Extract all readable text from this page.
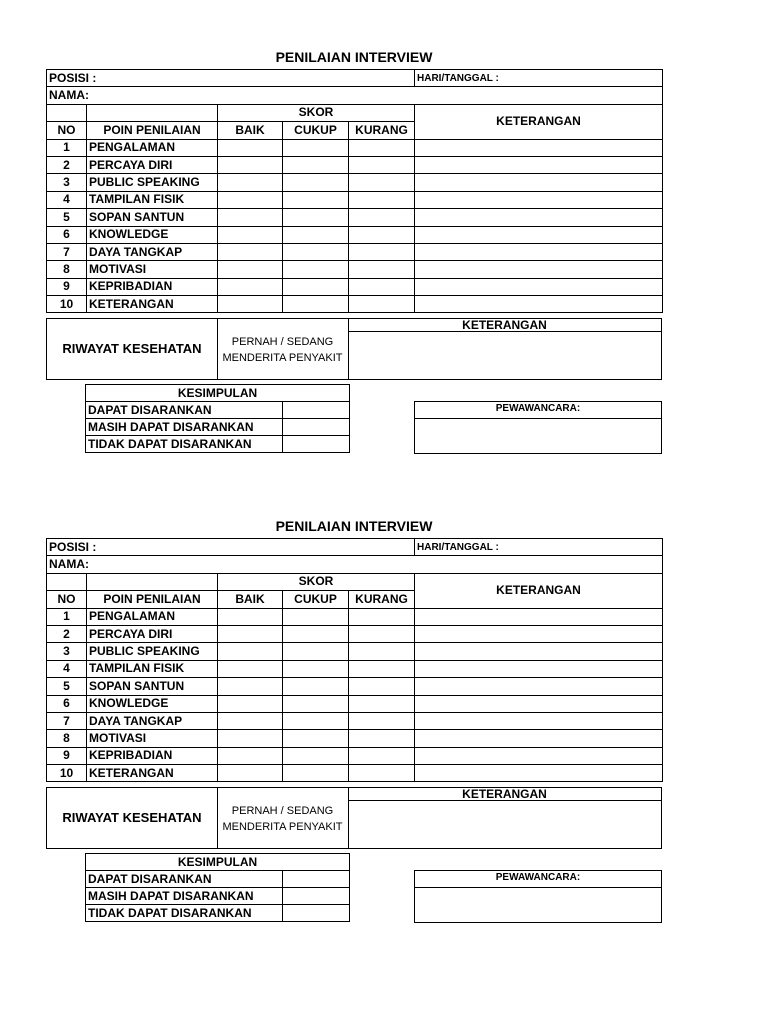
PENILAIAN INTERVIEW
POSISI :					HARI/TANGGAL :
NAMA:					
		SKOR			KETERANGAN
NO	POIN PENILAIAN	BAIK	CUKUP	KURANG	
1	PENGALAMAN				
2	PERCAYA DIRI				
3	PUBLIC SPEAKING				
4	TAMPILAN FISIK				
5	SOPAN SANTUN				
6	KNOWLEDGE				
7	DAYA TANGKAP				
8	MOTIVASI				
9	KEPRIBADIAN				
10	KETERANGAN				
RIWAYAT KESEHATAN	PERNAH / SEDANG
MENDERITA PENYAKIT
KETERANGAN
KESIMPULAN	
DAPAT DISARANKAN	
MASIH DAPAT DISARANKAN	
TIDAK DAPAT DISARANKAN	
PEWAWANCARA:
PENILAIAN INTERVIEW
POSISI :					HARI/TANGGAL :
NAMA:					
		SKOR			KETERANGAN
NO	POIN PENILAIAN	BAIK	CUKUP	KURANG	
1	PENGALAMAN				
2	PERCAYA DIRI				
3	PUBLIC SPEAKING				
4	TAMPILAN FISIK				
5	SOPAN SANTUN				
6	KNOWLEDGE				
7	DAYA TANGKAP				
8	MOTIVASI				
9	KEPRIBADIAN				
10	KETERANGAN				
RIWAYAT KESEHATAN	PERNAH / SEDANG
MENDERITA PENYAKIT
KETERANGAN
KESIMPULAN	
DAPAT DISARANKAN	
MASIH DAPAT DISARANKAN	
TIDAK DAPAT DISARANKAN	
PEWAWANCARA:
